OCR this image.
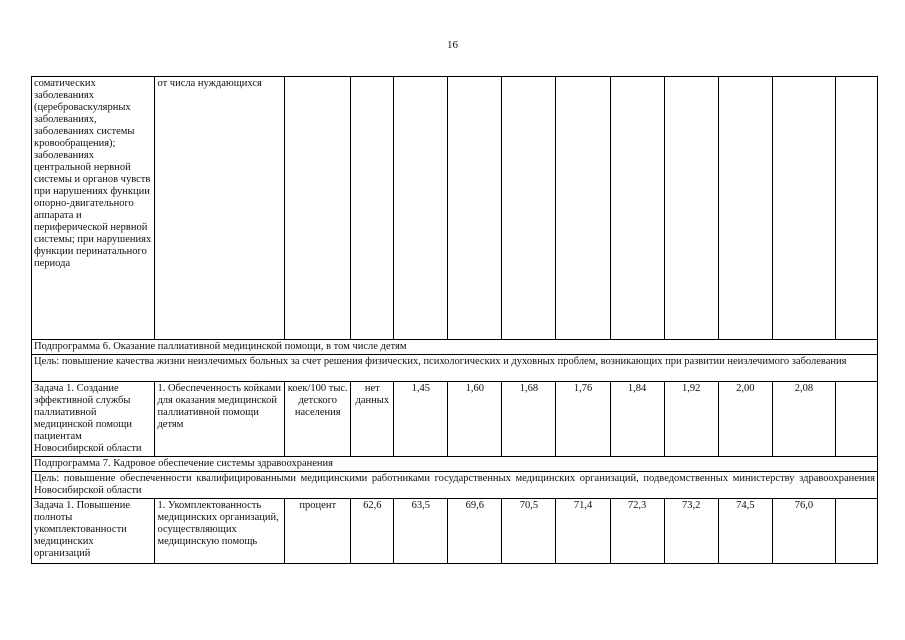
16
соматических заболеваниях (цереброваскулярных заболеваниях, заболеваниях системы кровообращения); заболеваниях центральной нервной системы и органов чувств при нарушениях функции опорно-двигательного аппарата и периферической нервной системы; при нарушениях функции перинатального периода	от числа нуждающихся											
Подпрограмма 6. Оказание паллиативной медицинской помощи, в том числе детям												
Цель: повышение качества жизни неизлечимых больных за счет решения физических, психологических и духовных проблем, возникающих при развитии неизлечимого заболевания												
Задача 1. Создание эффективной службы паллиативной медицинской помощи пациентам Новосибирской области	1. Обеспеченность койками для оказания медицинской паллиативной помощи детям	коек/100 тыс. детского населения	нет данных	1,45	1,60	1,68	1,76	1,84	1,92	2,00	2,08	
Подпрограмма 7. Кадровое обеспечение системы здравоохранения												
Цель: повышение обеспеченности квалифицированными медицинскими работниками государственных медицинских организаций, подведомственных министерству здравоохранения Новосибирской области												
Задача 1. Повышение полноты укомплектованности медицинских организаций	1. Укомплектованность медицинских организаций, осуществляющих медицинскую помощь	процент	62,6	63,5	69,6	70,5	71,4	72,3	73,2	74,5	76,0	
